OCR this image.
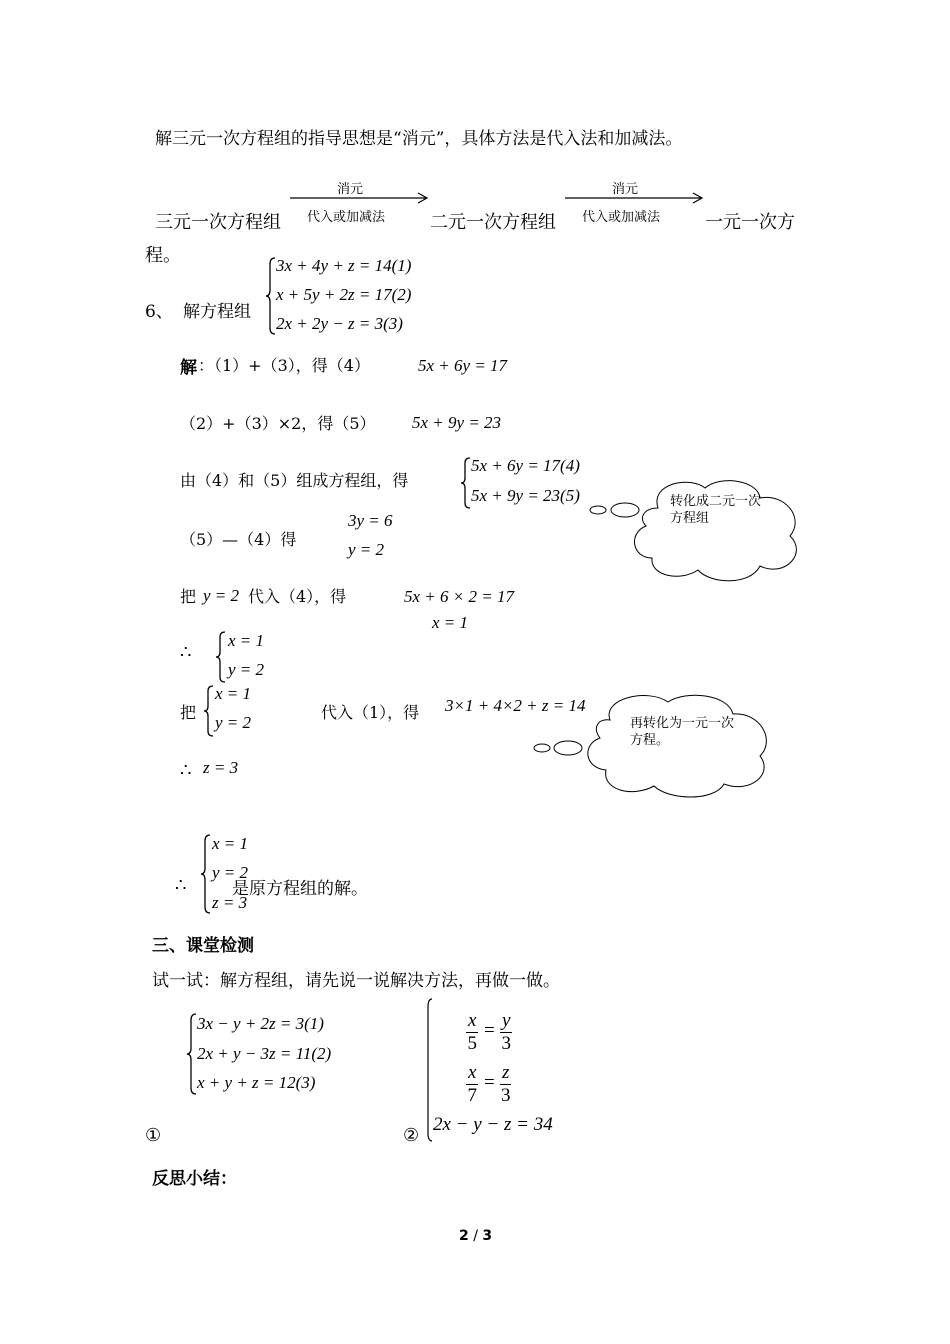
解三元一次方程组的指导思想是“消元”，具体方法是代入法和加减法。
三元一次方程组
消元
代入或加减法 二元一次方程组
消元
代入或加减法 一元一次方
程。
6、 解方程组
3x + 4y + z = 14(1)
x + 5y + 2z = 17(2)
2x + 2y − z = 3(3)
解 ：（1）+（3），得（4）	5x + 6y = 17
（2）+（3）×2，得（5） 5x + 9y = 23
由（4）和（5）组成方程组，得
5x + 6y = 17(4)
5x + 9y = 23(5)
（5）—（4）得
3y = 6
y = 2
把 y = 2 代入（4），得	5x + 6 × 2 = 17
x = 1
∴
x = 1
y = 2
把
x = 1
y = 2
代入（1），得 3×1 + 4×2 + z = 14
∴ z = 3
∴
x = 1
y = 2
z = 3
是原方程组的解。
转化成二元一次方程组
再转化为一元一次方程。
三、课堂检测
试一试：解方程组，请先说一说解决方法，再做一做。
3x − y + 2z = 3(1)
2x + y − 3z = 11(2)
x + y + z = 12(3)
①	②
$\frac{x}{5} = \frac{y}{3}$
$\frac{x}{7} = \frac{z}{3}$
2x − y − z = 34
反思小结：
2 / 3
